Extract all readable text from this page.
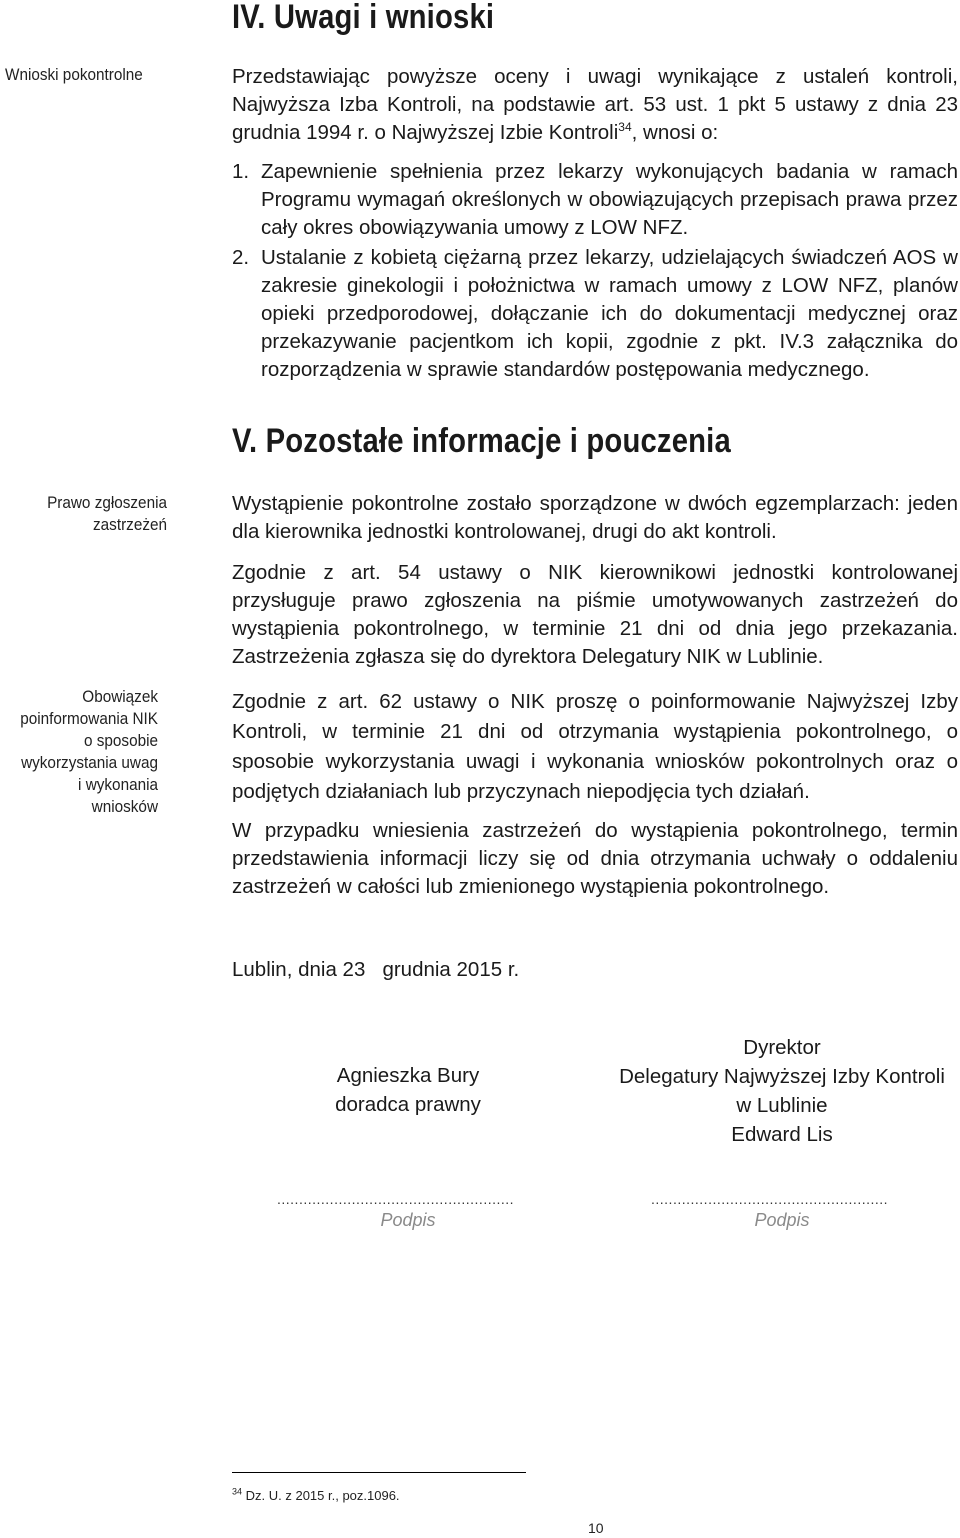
IV. Uwagi i wnioski
Wnioski pokontrolne	Przedstawiając powyższe oceny i uwagi wynikające z ustaleń kontroli, Najwyższa Izba Kontroli, na podstawie art. 53 ust. 1 pkt 5 ustawy z dnia 23 grudnia 1994 r. o Najwyższej Izbie Kontroli$^{34}$, wnosi o:
1. Zapewnienie spełnienia przez lekarzy wykonujących badania w ramach Programu wymagań określonych w obowiązujących przepisach prawa przez cały okres obowiązywania umowy z LOW NFZ.
2. Ustalanie z kobietą ciężarną przez lekarzy, udzielających świadczeń AOS w zakresie ginekologii i położnictwa w ramach umowy z LOW NFZ, planów opieki przedporodowej, dołączanie ich do dokumentacji medycznej oraz przekazywanie pacjentkom ich kopii, zgodnie z pkt. IV.3 załącznika do rozporządzenia w sprawie standardów postępowania medycznego.
V. Pozostałe informacje i pouczenia
Prawo zgłoszenia zastrzeżeń
Obowiązek poinformowania NIK o sposobie wykorzystania uwag i wykonania wniosków
Wystąpienie pokontrolne zostało sporządzone w dwóch egzemplarzach: jeden dla kierownika jednostki kontrolowanej, drugi do akt kontroli.
Zgodnie z art. 54 ustawy o NIK kierownikowi jednostki kontrolowanej przysługuje prawo zgłoszenia na piśmie umotywowanych zastrzeżeń do wystąpienia pokontrolnego, w terminie 21 dni od dnia jego przekazania. Zastrzeżenia zgłasza się do dyrektora Delegatury NIK w Lublinie.
Zgodnie z art. 62 ustawy o NIK proszę o poinformowanie Najwyższej Izby Kontroli, w terminie 21 dni od otrzymania wystąpienia pokontrolnego, o sposobie wykorzystania uwagi i wykonania wniosków pokontrolnych oraz o podjętych działaniach lub przyczynach niepodjęcia tych działań.
W przypadku wniesienia zastrzeżeń do wystąpienia pokontrolnego, termin przedstawienia informacji liczy się od dnia otrzymania uchwały o oddaleniu zastrzeżeń w całości lub zmienionego wystąpienia pokontrolnego.
Lublin, dnia 23   grudnia 2015 r.
Agnieszka Bury
doradca prawny
Dyrektor
Delegatury Najwyższej Izby Kontroli
w Lublinie
Edward Lis
......................................................
Podpis
......................................................
Podpis
$^{34}$ Dz. U. z 2015 r., poz.1096.
10
